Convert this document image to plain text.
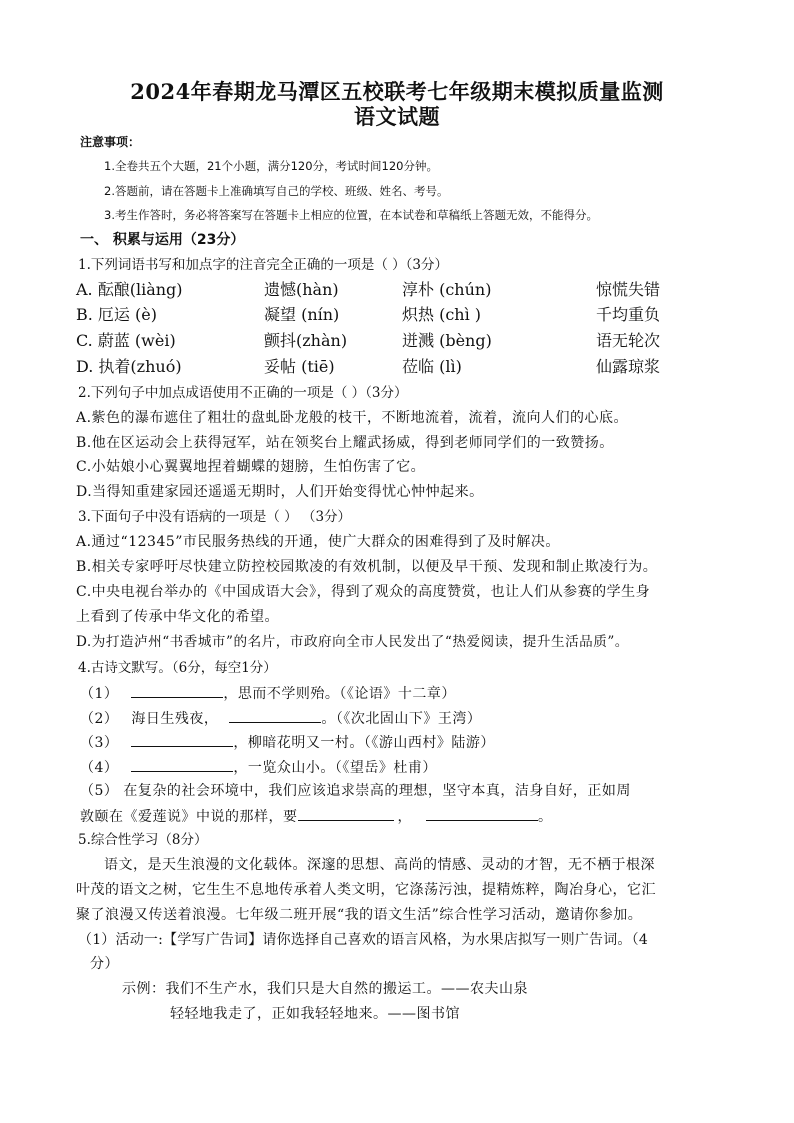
2024年春期龙马潭区五校联考七年级期末模拟质量监测
语文试题
注意事项：
1.全卷共五个大题，21个小题，满分120分，考试时间120分钟。
2.答题前，请在答题卡上准确填写自己的学校、班级、姓名、考号。
3.考生作答时，务必将答案写在答题卡上相应的位置，在本试卷和草稿纸上答题无效，不能得分。
一、 积累与运用（23分）
1.下列词语书写和加点字的注音完全正确的一项是（ ）（3分）
A. 酝酿(liàng)	遗憾(hàn)	淳朴 (chún)	惊慌失错
B. 厄运 (è)	凝望 (nín)	炽热 (chì )	千均重负
C. 蔚蓝 (wèi)	颤抖(zhàn)	迸溅 (bèng)	语无轮次
D. 执着(zhuó)	妥帖 (tiē)	莅临 (lì)	仙露琼浆
2.下列句子中加点成语使用不正确的一项是（ ）（3分）
A.紫色的瀑布遮住了粗壮的盘虬卧龙般的枝干，不断地流着，流着，流向人们的心底。
B.他在区运动会上获得冠军，站在领奖台上耀武扬威，得到老师同学们的一致赞扬。
C.小姑娘小心翼翼地捏着蝴蝶的翅膀，生怕伤害了它。
D.当得知重建家园还遥遥无期时，人们开始变得忧心忡忡起来。
3.下面句子中没有语病的一项是（ ） （3分）
A.通过“12345”市民服务热线的开通，使广大群众的困难得到了及时解决。
B.相关专家呼吁尽快建立防控校园欺凌的有效机制，以便及早干预、发现和制止欺凌行为。
C.中央电视台举办的《中国成语大会》，得到了观众的高度赞赏，也让人们从参赛的学生身
上看到了传承中华文化的希望。
D.为打造泸州“书香城市”的名片，市政府向全市人民发出了“热爱阅读，提升生活品质”。
4.古诗文默写。（6分，每空1分）
（1）	，思而不学则殆。（《论语》十二章）
（2） 海日生残夜，	。（《次北固山下》王湾）
（3）	，柳暗花明又一村。（《游山西村》陆游）
（4）	，一览众山小。（《望岳》杜甫）
（5） 在复杂的社会环境中，我们应该追求崇高的理想，坚守本真，洁身自好，正如周
敦颐在《爱莲说》中说的那样，要	，	。
5.综合性学习（8分）
语文，是天生浪漫的文化载体。深邃的思想、高尚的情感、灵动的才智，无不栖于根深
叶茂的语文之树，它生生不息地传承着人类文明，它涤荡污浊，提精炼粹，陶冶身心，它汇
聚了浪漫又传送着浪漫。七年级二班开展“我的语文生活”综合性学习活动，邀请你参加。
（1）活动一:【学写广告词】请你选择自己喜欢的语言风格，为水果店拟写一则广告词。（4
分）
示例：我们不生产水，我们只是大自然的搬运工。——农夫山泉
轻轻地我走了，正如我轻轻地来。——图书馆
